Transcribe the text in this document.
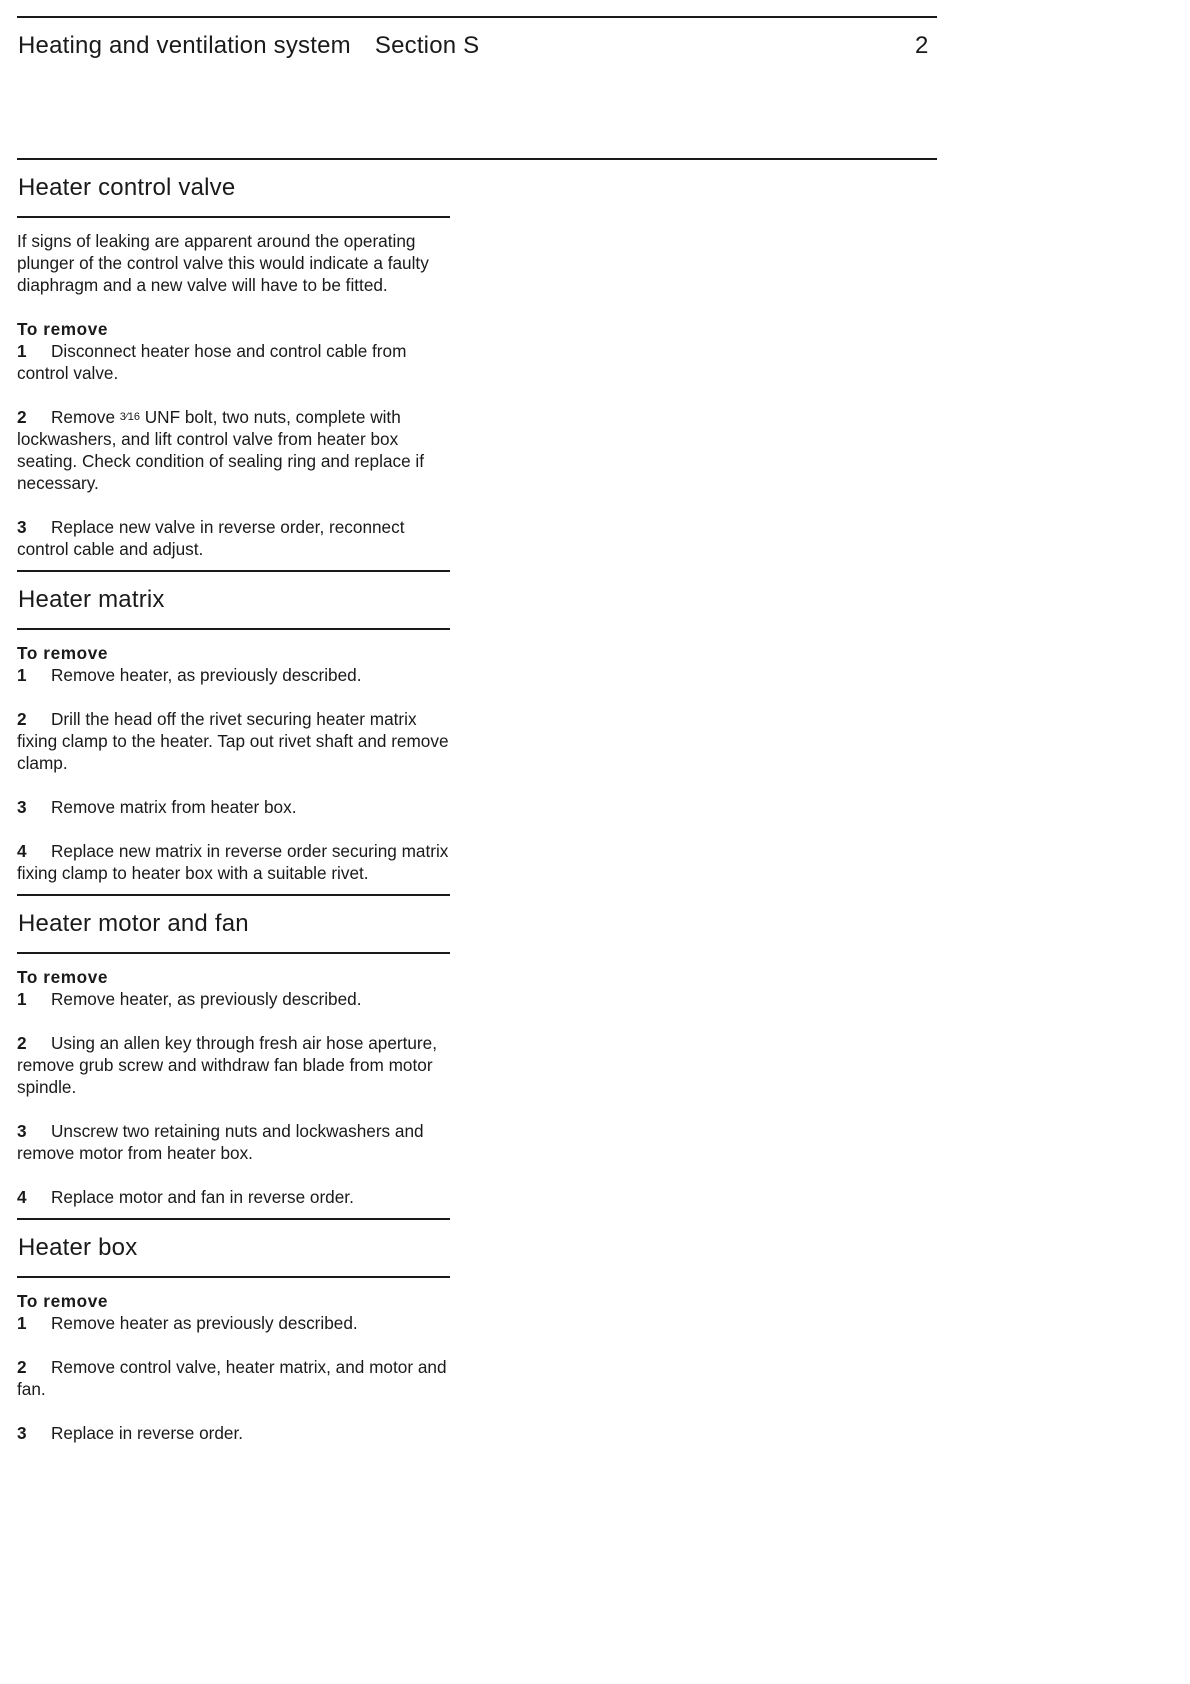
Heating and ventilation system Section S	2
Heater control valve

If signs of leaking are apparent around the operating plunger of the control valve this would indicate a faulty diaphragm and a new valve will have to be fitted.

To remove

1 Disconnect heater hose and control cable from control valve.

2 Remove 3⁄16 UNF bolt, two nuts, complete with lockwashers, and lift control valve from heater box seating. Check condition of sealing ring and replace if necessary.

3 Replace new valve in reverse order, reconnect control cable and adjust.

Heater matrix
To remove

1 Remove heater, as previously described.

2 Drill the head off the rivet securing heater matrix fixing clamp to the heater. Tap out rivet shaft and remove clamp.

3 Remove matrix from heater box.

4 Replace new matrix in reverse order securing matrix fixing clamp to heater box with a suitable rivet.

Heater motor and fan
To remove

1 Remove heater, as previously described.

2 Using an allen key through fresh air hose aperture, remove grub screw and withdraw fan blade from motor spindle.

3 Unscrew two retaining nuts and lockwashers and remove motor from heater box.

4 Replace motor and fan in reverse order.

Heater box
To remove

1 Remove heater as previously described.

2 Remove control valve, heater matrix, and motor and fan.

3 Replace in reverse order.
